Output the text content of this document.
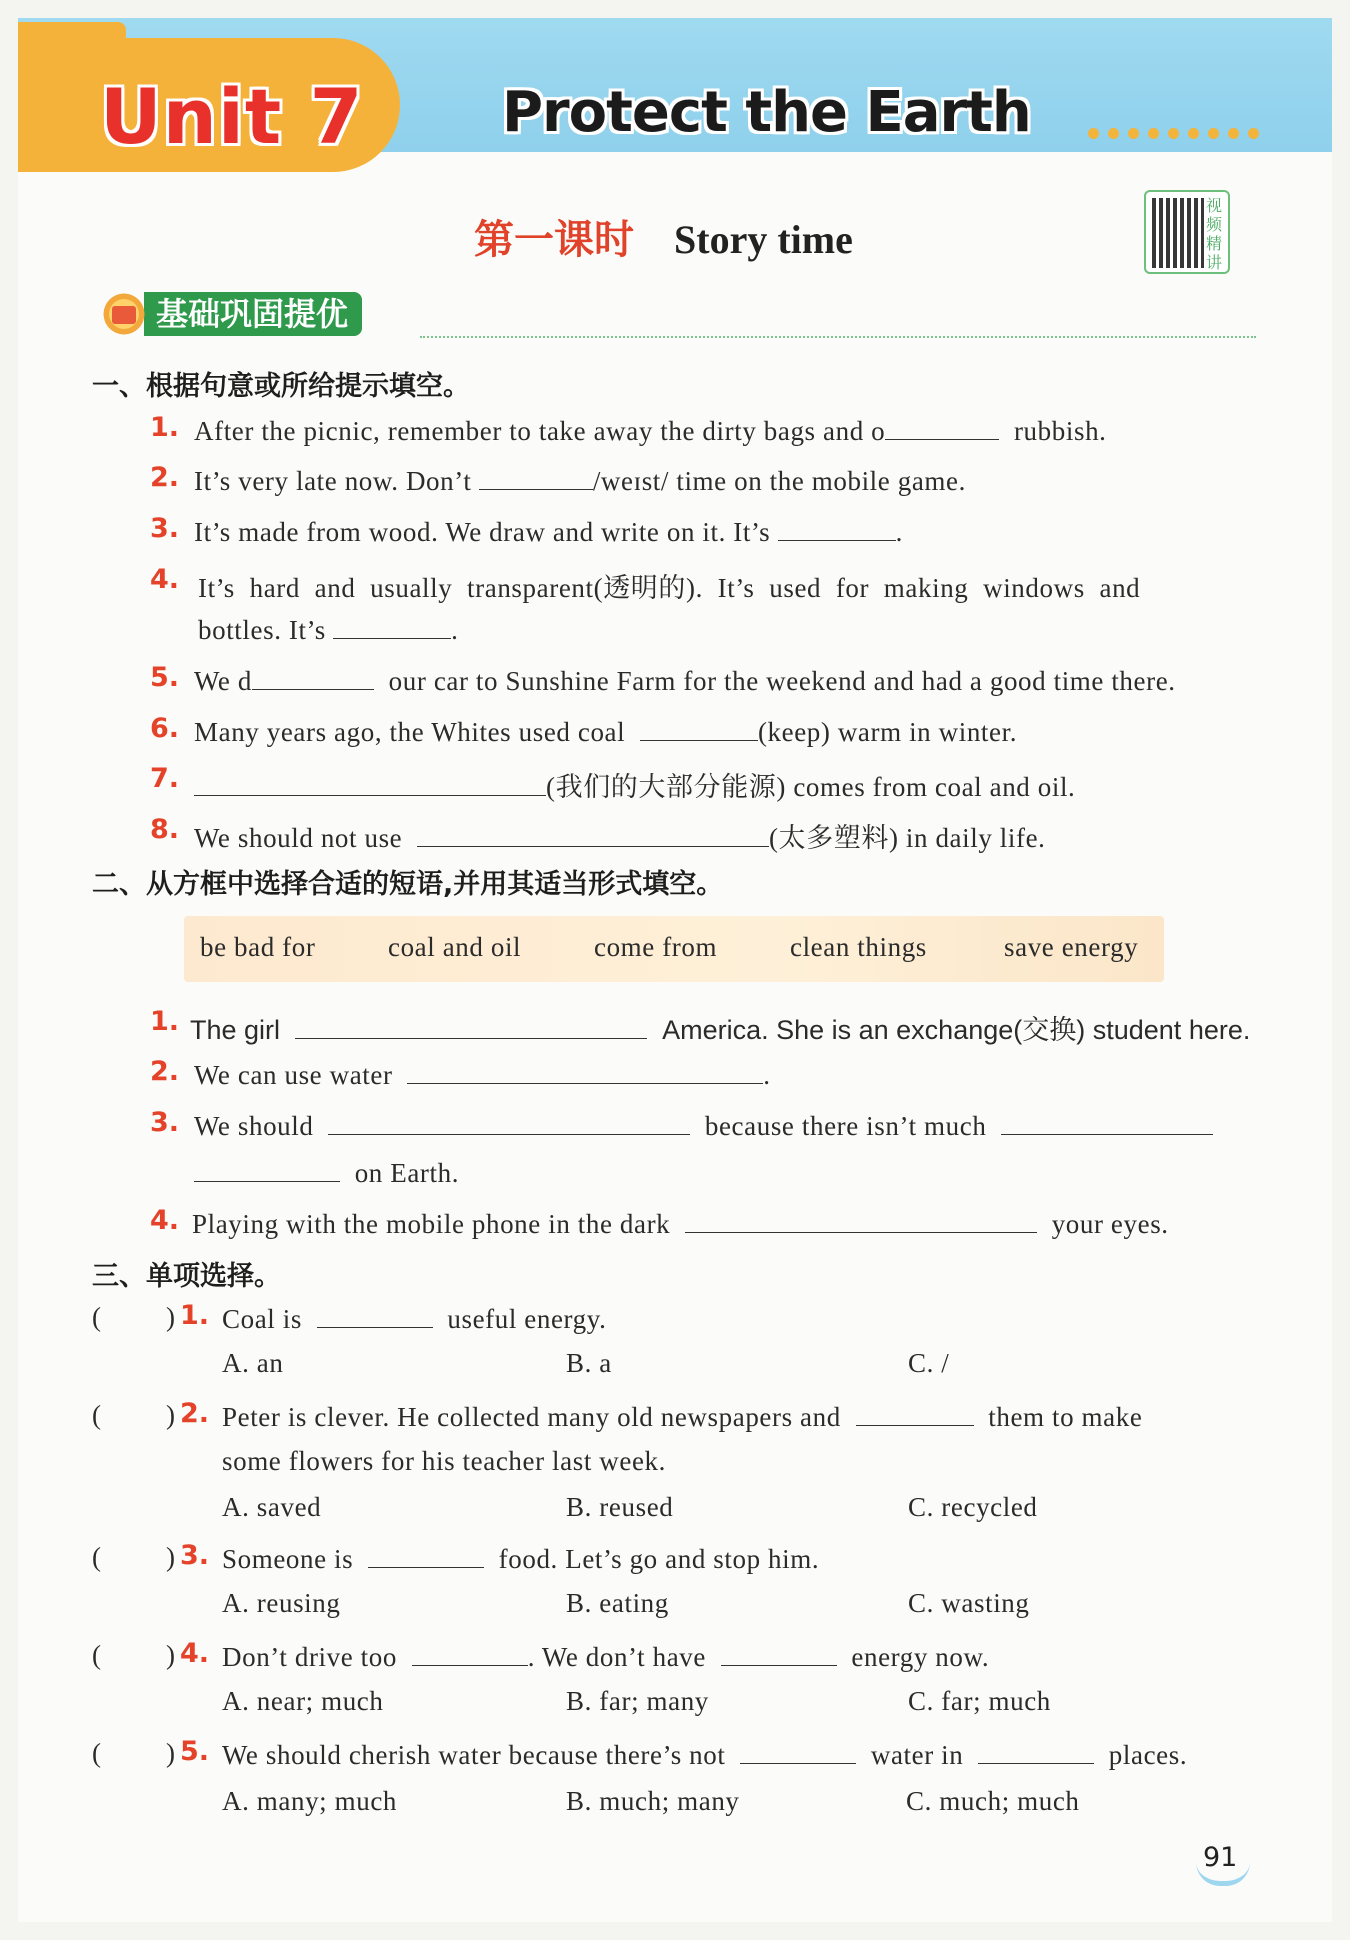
Unit 7 Protect the Earth
第一课时 Story time
视频精讲
基础巩固提优
一、根据句意或所给提示填空。
1. After the picnic, remember to take away the dirty bags and o	rubbish.
2. It’s very late now. Don’t	/weɪst/ time on the mobile game.
3. It’s made from wood. We draw and write on it. It’s	.
4. It’s  hard  and  usually  transparent(透明的).  It’s  used  for  making  windows  and
bottles. It’s	.
5. We d	our car to Sunshine Farm for the weekend and had a good time there.
6. Many years ago, the Whites used coal	(keep) warm in winter.
7.	(我们的大部分能源) comes from coal and oil.
8. We should not use	(太多塑料) in daily life.
二、从方框中选择合适的短语,并用其适当形式填空。
be bad for	coal and oil	come from	clean things	save energy
1. The girl	America. She is an exchange(交换) student here.
2. We can use water	.
3. We should	because there isn’t much
on Earth.
4. Playing with the mobile phone in the dark	your eyes.
三、单项选择。
( ) 1. Coal is	useful energy.
A. an	B. a	C. /
( ) 2. Peter is clever. He collected many old newspapers and	them to make
some flowers for his teacher last week.
A. saved	B. reused	C. recycled
( ) 3. Someone is	food. Let’s go and stop him.
A. reusing	B. eating	C. wasting
( ) 4. Don’t drive too	. We don’t have	energy now.
A. near; much	B. far; many	C. far; much
( ) 5. We should cherish water because there’s not	water in	places.
A. many; much	B. much; many	C. much; much
91
